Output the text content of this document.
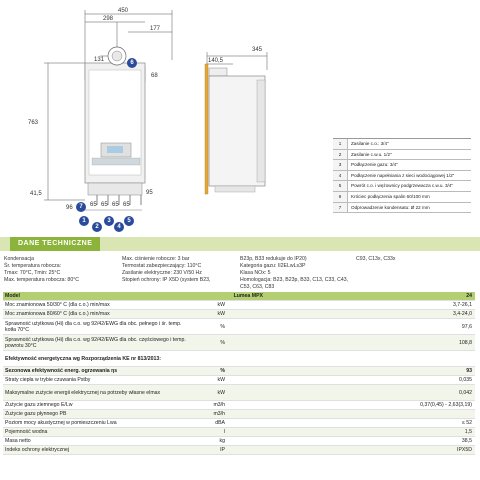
450
298
177
131
68
763
41,5	95
96	65 65 65 65
6
7
1
2
3
4
5
345
140,5
1	Zasilanie c.o.: 3/4"
2	Zasilanie c.w.u. 1/2"
3	Podłączenie gazu: 3/4"
4	Podłączenie napełniania z sieci wodociągowej 1/2"
5	Powrót c.o. i wężownicy podgrzewacza c.w.u. 3/4"
6	Króciec podłączenia spalin 60/100 mm
7	Odprowadzenie kondensatu: Ø 22 mm
DANE TECHNICZNE
Kondensacja
Śr. temperatura robocza:
Tmax: 70°C, Tmin: 25°C
Max. temperatura robocza: 80°C
Max. ciśnienie robocze: 3 bar
Termostat zabezpieczający: 110°C
Zasilanie elektryczne: 230 V/50 Hz
Stopień ochrony: IP X5D (system B23,
B23p, B33 redukuje do IP20)
Kategoria gazu: II2ELwLs3P
Klasa NOx: 5
Homologacja: B23, B23p, B33, C13, C33, C43, C53, C63, C83
C93, C13x, C33x
Model	Lumea MPX	24
Moc znamionowa 50/30° C (dla c.o.) min/max	kW	3,7-26,1
Moc znamionowa 80/60° C (dla c.o.) min/max	kW	3,4-24,0
Sprawność użytkowa (Hi) dla c.o. wg 92/42/EWG dla obc. pełnego i śr. temp. kotła 70°C	%	97,6
Sprawność użytkowa (Hi) dla c.o. wg 92/42/EWG dla obc. częściowego i temp. powrotu 30°C	%	108,8
Efektywność energetyczna wg Rozporządzenia KE nr 813/2013:
Sezonowa efektywność energ. ogrzewania ηs	%	93
Straty ciepła w trybie czuwania Pstby	kW	0,035
Maksymalne zużycie energii elektrycznej na potrzeby własne elmax	kW	0,042
Zużycie gazu ziemnego E/Lw	m3/h	0,37(0,45) - 2,63(3,19)
Zużycie gazu płynnego PB	m3/h
Poziom mocy akustycznej w pomieszczeniu Lwa	dBA	≤ 52
Pojemność wodna	l	1,5
Masa netto	kg	38,5
Indeks ochrony elektrycznej	IP	IPX5D
